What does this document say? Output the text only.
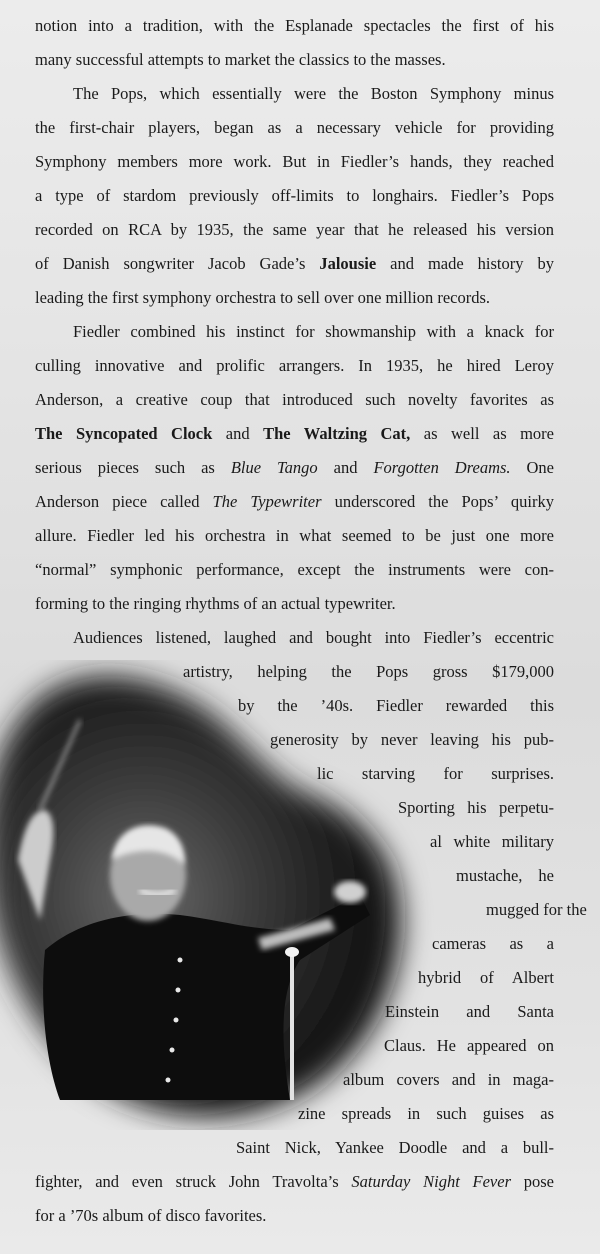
notion into a tradition, with the Esplanade spectacles the first of his
many successful attempts to market the classics to the masses.
The Pops, which essentially were the Boston Symphony minus
the first-chair players, began as a necessary vehicle for providing
Symphony members more work. But in Fiedler’s hands, they reached
a type of stardom previously off-limits to longhairs. Fiedler’s Pops
recorded on RCA by 1935, the same year that he released his version
of Danish songwriter Jacob Gade’s Jalousie and made history by
leading the first symphony orchestra to sell over one million records.
Fiedler combined his instinct for showmanship with a knack for
culling innovative and prolific arrangers. In 1935, he hired Leroy
Anderson, a creative coup that introduced such novelty favorites as
The Syncopated Clock and The Waltzing Cat, as well as more
serious pieces such as Blue Tango and Forgotten Dreams. One
Anderson piece called The Typewriter underscored the Pops’ quirky
allure. Fiedler led his orchestra in what seemed to be just one more
“normal” symphonic performance, except the instruments were con-
forming to the ringing rhythms of an actual typewriter.
Audiences listened, laughed and bought into Fiedler’s eccentric
artistry, helping the Pops gross $179,000
by the ’40s. Fiedler rewarded this
generosity by never leaving his pub-
lic starving for surprises.
Sporting his perpetu-
al white military
mustache, he
mugged for the
cameras as a
hybrid of Albert
Einstein and Santa
Claus. He appeared on
album covers and in maga-
zine spreads in such guises as
Saint Nick, Yankee Doodle and a bull-
fighter, and even struck John Travolta’s Saturday Night Fever pose
for a ’70s album of disco favorites.
